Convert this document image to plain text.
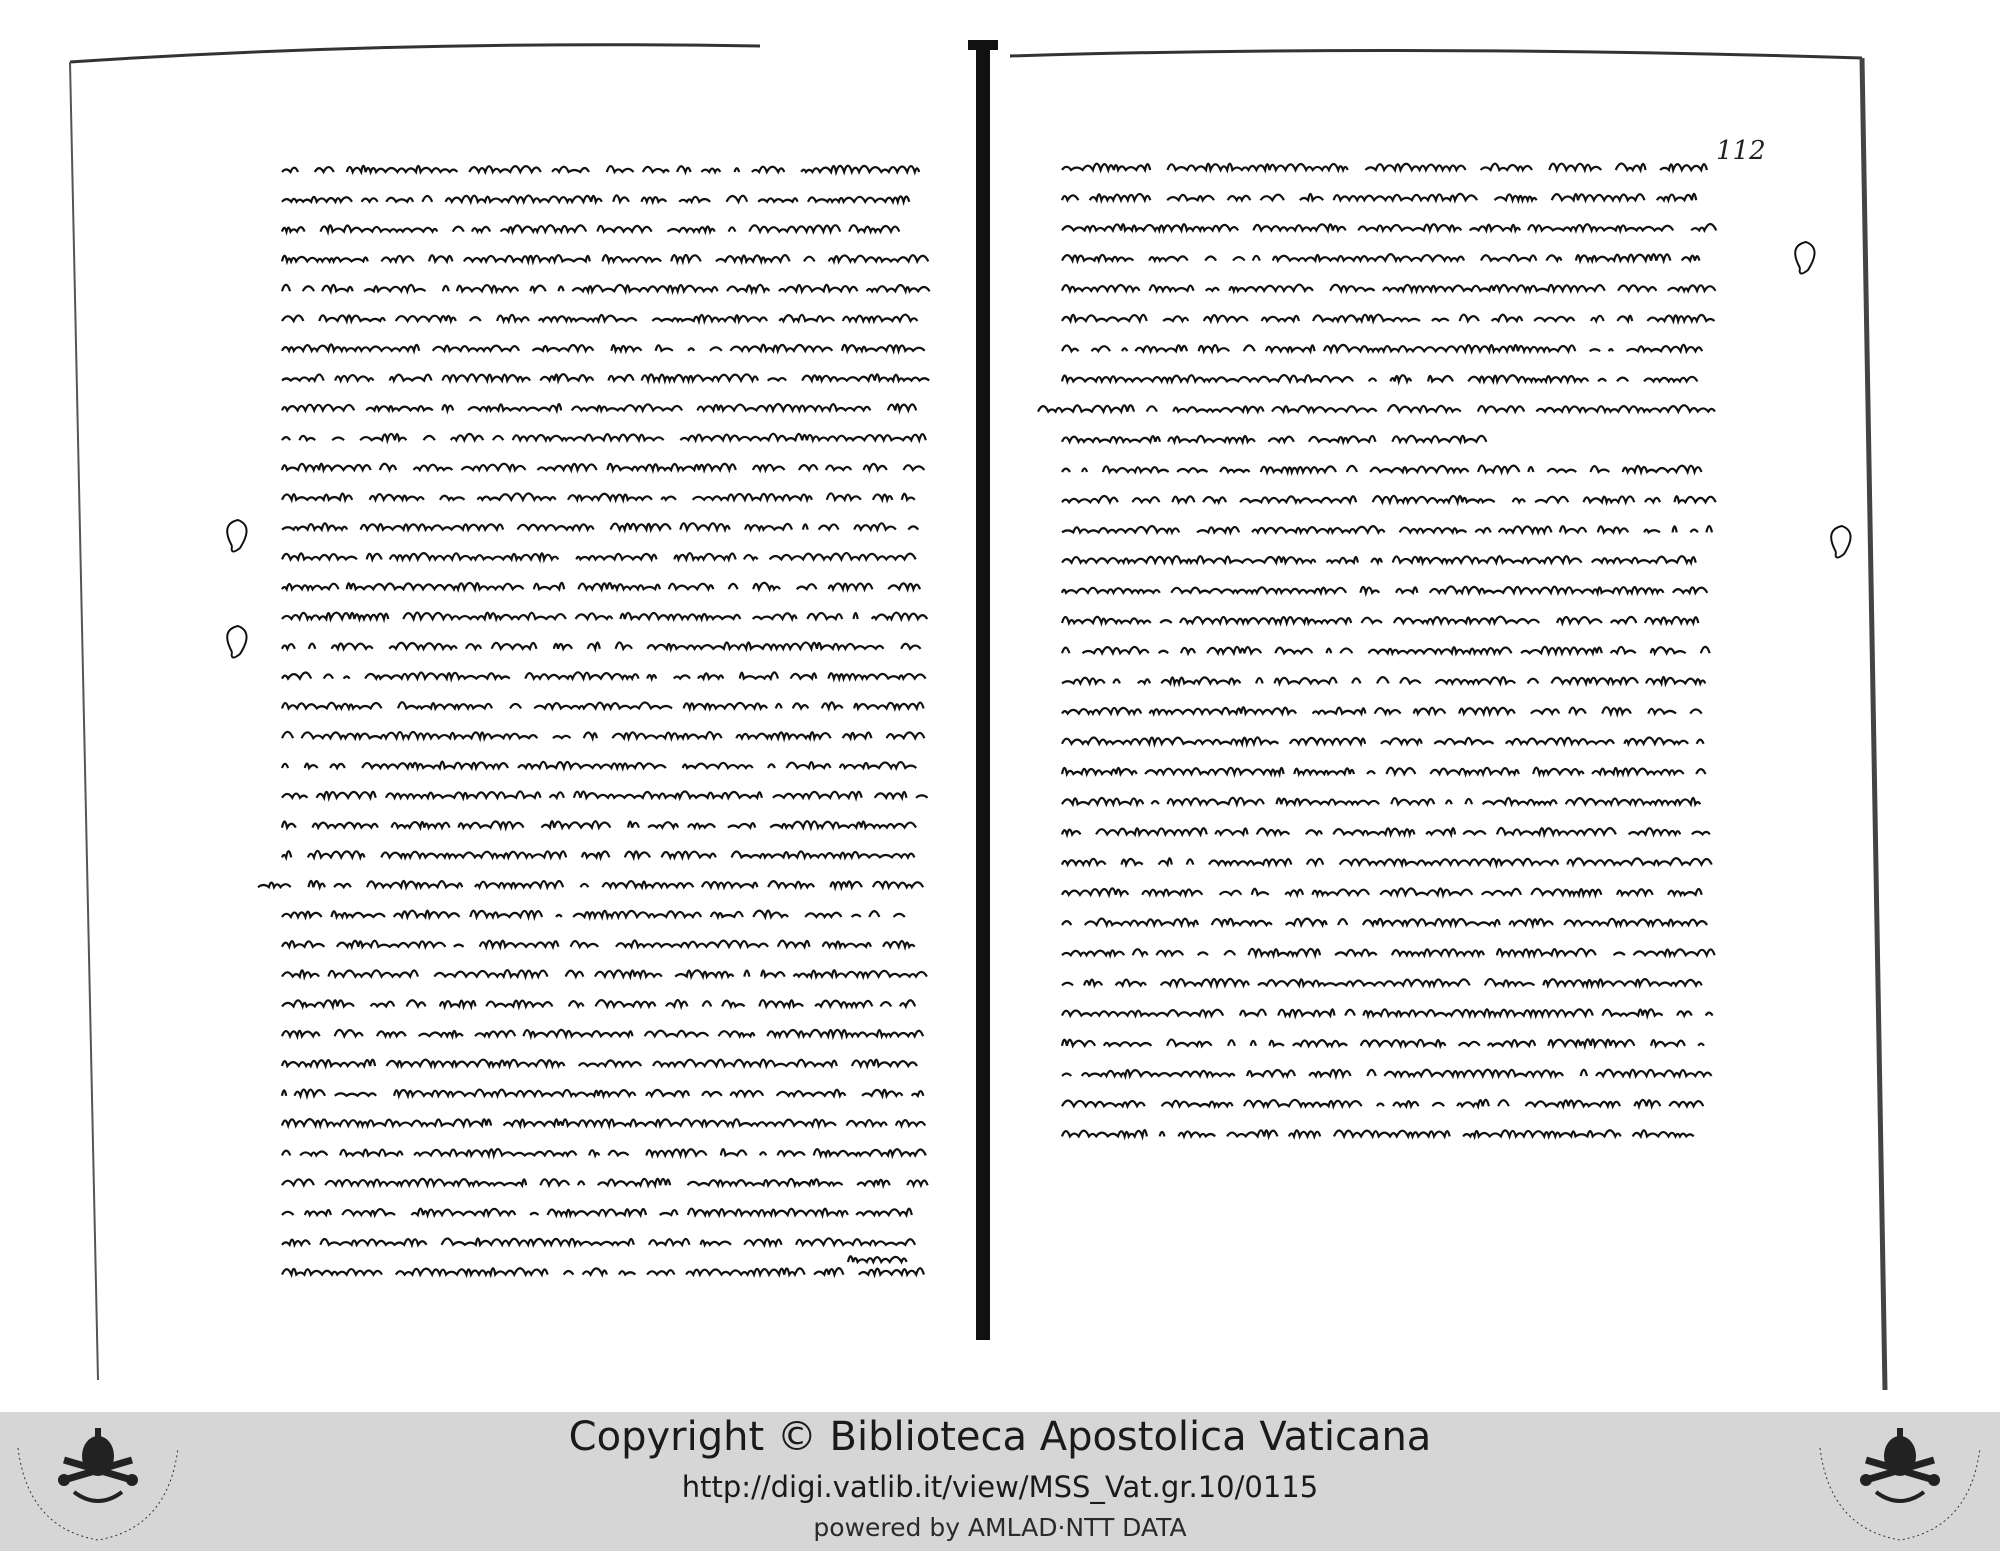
112
Copyright © Biblioteca Apostolica Vaticana
http://digi.vatlib.it/view/MSS_Vat.gr.10/0115
powered by AMLAD·NTT DATA
